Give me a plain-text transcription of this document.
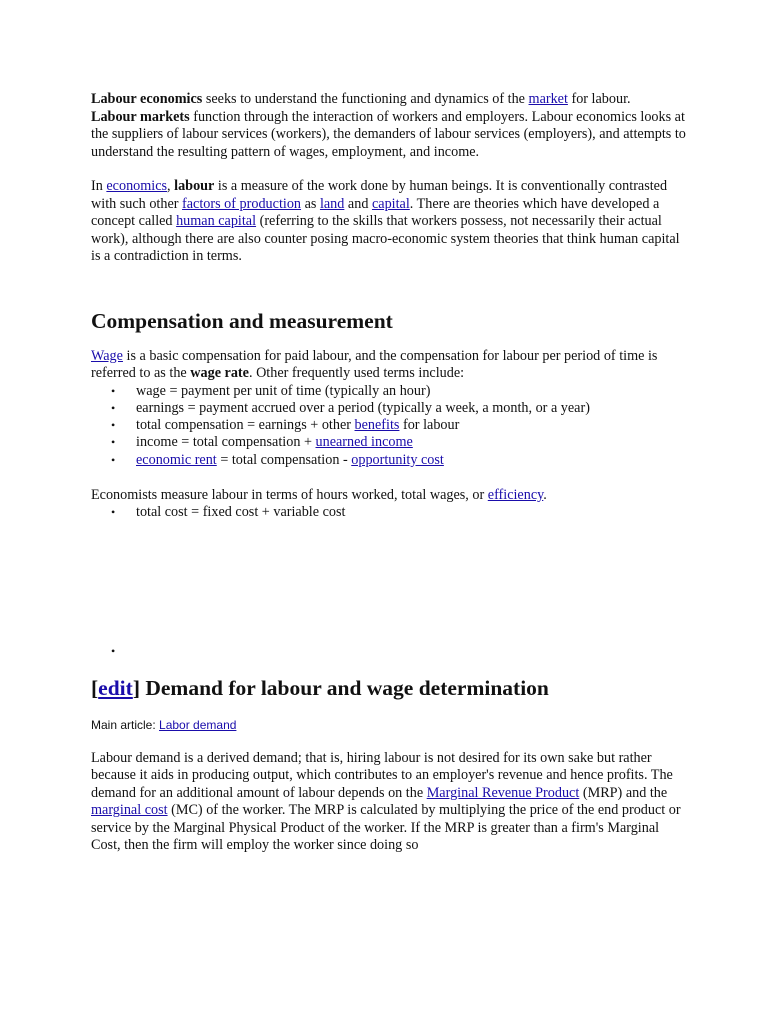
Labour economics seeks to understand the functioning and dynamics of the market for labour.
Labour markets function through the interaction of workers and employers. Labour economics looks at the suppliers of labour services (workers), the demanders of labour services (employers), and attempts to understand the resulting pattern of wages, employment, and income.

In economics, labour is a measure of the work done by human beings. It is conventionally contrasted with such other factors of production as land and capital. There are theories which have developed a concept called human capital (referring to the skills that workers possess, not necessarily their actual work), although there are also counter posing macro-economic system theories that think human capital is a contradiction in terms.

Compensation and measurement

Wage is a basic compensation for paid labour, and the compensation for labour per period of time is referred to as the wage rate. Other frequently used terms include:

• wage = payment per unit of time (typically an hour)
• earnings = payment accrued over a period (typically a week, a month, or a year)
• total compensation = earnings + other benefits for labour
• income = total compensation + unearned income
• economic rent = total compensation - opportunity cost

Economists measure labour in terms of hours worked, total wages, or efficiency.

• total cost = fixed cost + variable cost
•
[edit] Demand for labour and wage determination
Main article: Labor demand

Labour demand is a derived demand; that is, hiring labour is not desired for its own sake but rather because it aids in producing output, which contributes to an employer's revenue and hence profits. The demand for an additional amount of labour depends on the Marginal Revenue Product (MRP) and the marginal cost (MC) of the worker. The MRP is calculated by multiplying the price of the end product or service by the Marginal Physical Product of the worker. If the MRP is greater than a firm's Marginal Cost, then the firm will employ the worker since doing so
